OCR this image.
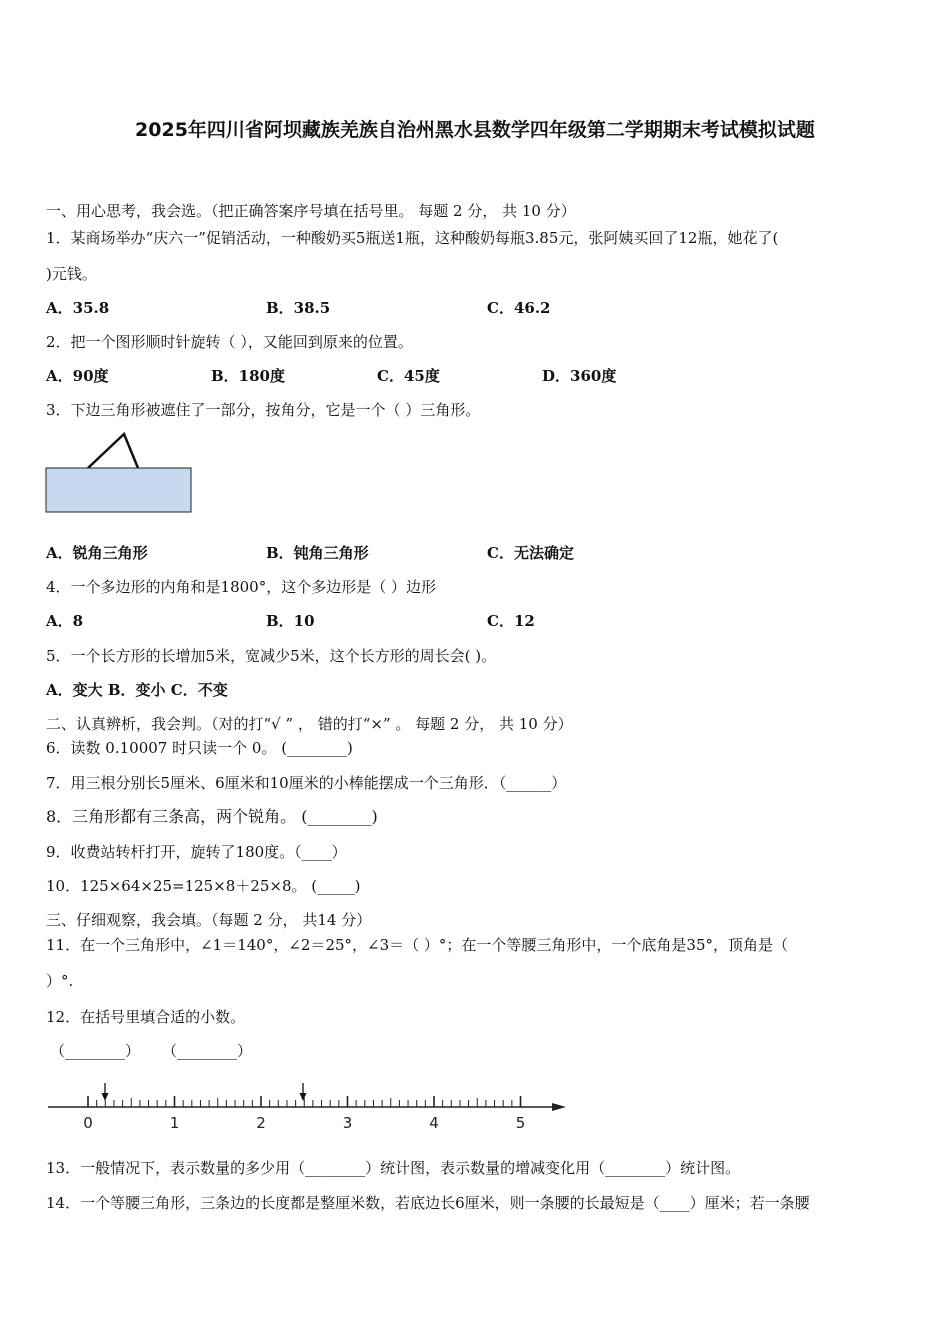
2025年四川省阿坝藏族羌族自治州黑水县数学四年级第二学期期末考试模拟试题
一、用心思考，我会选。（把正确答案序号填在括号里。 每题 2 分， 共 10 分）
1．某商场举办“庆六一”促销活动，一种酸奶买5瓶送1瓶，这种酸奶每瓶3.85元，张阿姨买回了12瓶，她花了(
)元钱。
A．35.8	B．38.5	C．46.2
2．把一个图形顺时针旋转（ ），又能回到原来的位置。
A．90度	B．180度	C．45度	D．360度
3．下边三角形被遮住了一部分，按角分，它是一个（ ）三角形。
A．锐角三角形	B．钝角三角形	C．无法确定
4．一个多边形的内角和是1800°，这个多边形是（ ）边形
A．8	B．10	C．12
5．一个长方形的长增加5米，宽减少5米，这个长方形的周长会( )。
A．变大 B．变小 C．不变
二、认真辨析，我会判。（对的打“√ ” ， 错的打“×” 。 每题 2 分， 共 10 分）
6．读数 0.10007 时只读一个 0。 (________)
7．用三根分别长5厘米、6厘米和10厘米的小棒能摆成一个三角形．（______）
8．三角形都有三条高，两个锐角。 (________)
9．收费站转杆打开，旋转了180度。（____）
10．125×64×25=125×8＋25×8。 (_____)
三、仔细观察，我会填。（每题 2 分， 共14 分）
11．在一个三角形中，∠1＝140°，∠2＝25°，∠3＝（ ）°；在一个等腰三角形中，一个底角是35°，顶角是（
）°.
12．在括号里填合适的小数。
（________） （________）
0	1	2	3	4	5
13．一般情况下，表示数量的多少用（________）统计图，表示数量的增减变化用（________）统计图。
14．一个等腰三角形，三条边的长度都是整厘米数，若底边长6厘米，则一条腰的长最短是（____）厘米；若一条腰
